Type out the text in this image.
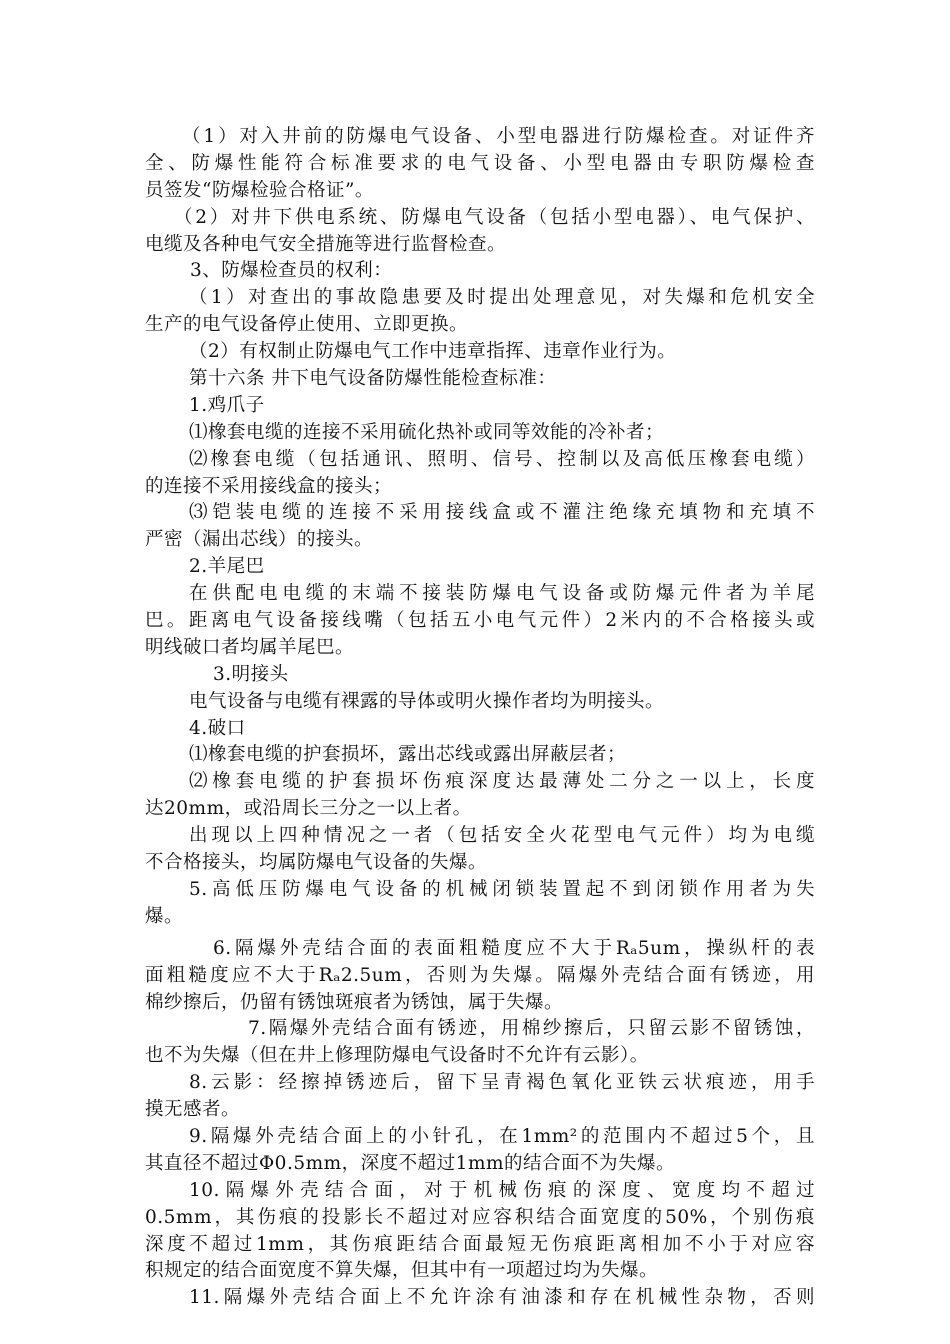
（1）对入井前的防爆电气设备、小型电器进行防爆检查。对证件齐
全、防爆性能符合标准要求的电气设备、小型电器由专职防爆检查
员签发“防爆检验合格证”。
（2）对井下供电系统、防爆电气设备（包括小型电器）、电气保护、
电缆及各种电气安全措施等进行监督检查。
3、防爆检查员的权利：
（1）对查出的事故隐患要及时提出处理意见，对失爆和危机安全
生产的电气设备停止使用、立即更换。
（2）有权制止防爆电气工作中违章指挥、违章作业行为。
第十六条 井下电气设备防爆性能检查标准：
1.鸡爪子
⑴橡套电缆的连接不采用硫化热补或同等效能的冷补者；
⑵橡套电缆（包括通讯、照明、信号、控制以及高低压橡套电缆）
的连接不采用接线盒的接头；
⑶铠装电缆的连接不采用接线盒或不灌注绝缘充填物和充填不
严密（漏出芯线）的接头。
2.羊尾巴
在供配电电缆的末端不接装防爆电气设备或防爆元件者为羊尾
巴。距离电气设备接线嘴（包括五小电气元件）2米内的不合格接头或
明线破口者均属羊尾巴。
3.明接头
电气设备与电缆有裸露的导体或明火操作者均为明接头。
4.破口
⑴橡套电缆的护套损坏，露出芯线或露出屏蔽层者；
⑵橡套电缆的护套损坏伤痕深度达最薄处二分之一以上，长度
达20mm，或沿周长三分之一以上者。
出现以上四种情况之一者（包括安全火花型电气元件）均为电缆
不合格接头，均属防爆电气设备的失爆。
5.高低压防爆电气设备的机械闭锁装置起不到闭锁作用者为失
爆。
6.隔爆外壳结合面的表面粗糙度应不大于Rₐ5um，操纵杆的表
面粗糙度应不大于Rₐ2.5um，否则为失爆。隔爆外壳结合面有锈迹，用
棉纱擦后，仍留有锈蚀斑痕者为锈蚀，属于失爆。
7.隔爆外壳结合面有锈迹，用棉纱擦后，只留云影不留锈蚀，
也不为失爆（但在井上修理防爆电气设备时不允许有云影）。
8.云影：经擦掉锈迹后，留下呈青褐色氧化亚铁云状痕迹，用手
摸无感者。
9.隔爆外壳结合面上的小针孔，在1mm²的范围内不超过5个，且
其直径不超过Φ0.5mm，深度不超过1mm的结合面不为失爆。
10.隔爆外壳结合面，对于机械伤痕的深度、宽度均不超过
0.5mm，其伤痕的投影长不超过对应容积结合面宽度的50%，个别伤痕
深度不超过1mm，其伤痕距结合面最短无伤痕距离相加不小于对应容
积规定的结合面宽度不算失爆，但其中有一项超过均为失爆。
11.隔爆外壳结合面上不允许涂有油漆和存在机械性杂物，否则
